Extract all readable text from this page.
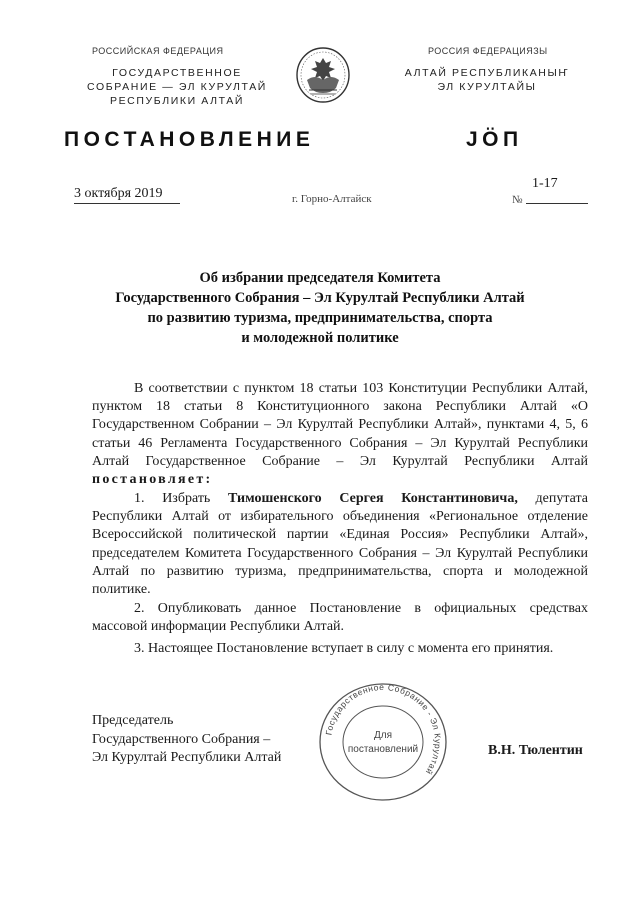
РОССИЙСКАЯ ФЕДЕРАЦИЯ
ГОСУДАРСТВЕННОЕ
СОБРАНИЕ — ЭЛ КУРУЛТАЙ
РЕСПУБЛИКИ АЛТАЙ
РОССИЯ ФЕДЕРАЦИЯЗЫ
АЛТАЙ РЕСПУБЛИКАНЫҤ
ЭЛ КУРУЛТАЙЫ
ПОСТАНОВЛЕНИЕ	JӦП
3 октября 2019	г. Горно-Алтайск
1-17
№
Об избрании председателя Комитета
Государственного Собрания – Эл Курултай Республики Алтай
по развитию туризма, предпринимательства, спорта
и молодежной политике

В соответствии с пунктом 18 статьи 103 Конституции Республики Алтай, пунктом 18 статьи 8 Конституционного закона Республики Алтай «О Государственном Собрании – Эл Курултай Республики Алтай», пунктами 4, 5, 6 статьи 46 Регламента Государственного Собрания – Эл Курултай Республики Алтай Государственное Собрание – Эл Курултай Республики Алтай постановляет:

1. Избрать Тимошенского Сергея Константиновича, депутата Республики Алтай от избирательного объединения «Региональное отделение Всероссийской политической партии «Единая Россия» Республики Алтай», председателем Комитета Государственного Собрания – Эл Курултай Республики Алтай по развитию туризма, предпринимательства, спорта и молодежной политике.

2. Опубликовать данное Постановление в официальных средствах массовой информации Республики Алтай.

3. Настоящее Постановление вступает в силу с момента его принятия.

Председатель
Государственного Собрания –
Эл Курултай Республики Алтай	В.Н. Тюлентин
Государственное Собрание - Эл Курултай
Для
постановлений
